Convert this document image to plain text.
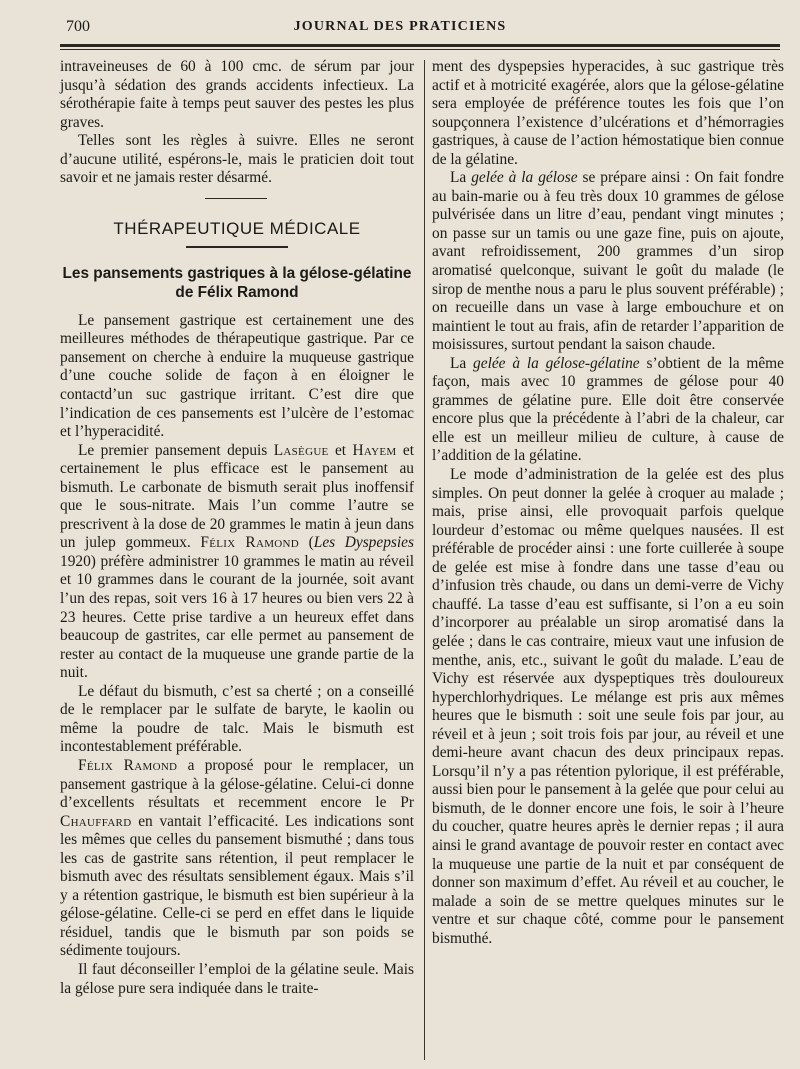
700	JOURNAL DES PRATICIENS

intraveineuses de 60 à 100 cmc. de sérum par jour jusqu’à sédation des grands accidents infectieux. La sérothérapie faite à temps peut sauver des pestes les plus graves.

Telles sont les règles à suivre. Elles ne seront d’aucune utilité, espérons-le, mais le praticien doit tout savoir et ne jamais rester désarmé.

THÉRAPEUTIQUE MÉDICALE
Les pansements gastriques à la gélose-gélatine de Félix Ramond

Le pansement gastrique est certainement une des meilleures méthodes de thérapeutique gastrique. Par ce pansement on cherche à enduire la muqueuse gastrique d’une couche solide de façon à en éloigner le contactd’un suc gastrique irritant. C’est dire que l’indication de ces pansements est l’ulcère de l’estomac et l’hyperacidité.

Le premier pansement depuis Lasègue et Hayem et certainement le plus efficace est le pansement au bismuth. Le carbonate de bismuth serait plus inoffensif que le sous-nitrate. Mais l’un comme l’autre se prescrivent à la dose de 20 grammes le matin à jeun dans un julep gommeux. Félix Ramond (Les Dyspepsies 1920) préfère administrer 10 grammes le matin au réveil et 10 grammes dans le courant de la journée, soit avant l’un des repas, soit vers 16 à 17 heures ou bien vers 22 à 23 heures. Cette prise tardive a un heureux effet dans beaucoup de gastrites, car elle permet au pansement de rester au contact de la muqueuse une grande partie de la nuit.

Le défaut du bismuth, c’est sa cherté ; on a conseillé de le remplacer par le sulfate de baryte, le kaolin ou même la poudre de talc. Mais le bismuth est incontestablement préférable.

Félix Ramond a proposé pour le remplacer, un pansement gastrique à la gélose-gélatine. Celui-ci donne d’excellents résultats et recemment encore le Pr Chauffard en vantait l’efficacité. Les indications sont les mêmes que celles du pansement bismuthé ; dans tous les cas de gastrite sans rétention, il peut remplacer le bismuth avec des résultats sensiblement égaux. Mais s’il y a rétention gastrique, le bismuth est bien supérieur à la gélose-gélatine. Celle-ci se perd en effet dans le liquide résiduel, tandis que le bismuth par son poids se sédimente toujours.

Il faut déconseiller l’emploi de la gélatine seule. Mais la gélose pure sera indiquée dans le traite-

ment des dyspepsies hyperacides, à suc gastrique très actif et à motricité exagérée, alors que la gélose-gélatine sera employée de préférence toutes les fois que l’on soupçonnera l’existence d’ulcérations et d’hémorragies gastriques, à cause de l’action hémostatique bien connue de la gélatine.

La gelée à la gélose se prépare ainsi : On fait fondre au bain-marie ou à feu très doux 10 grammes de gélose pulvérisée dans un litre d’eau, pendant vingt minutes ; on passe sur un tamis ou une gaze fine, puis on ajoute, avant refroidissement, 200 grammes d’un sirop aromatisé quelconque, suivant le goût du malade (le sirop de menthe nous a paru le plus souvent préférable) ; on recueille dans un vase à large embouchure et on maintient le tout au frais, afin de retarder l’apparition de moisissures, surtout pendant la saison chaude.

La gelée à la gélose-gélatine s’obtient de la même façon, mais avec 10 grammes de gélose pour 40 grammes de gélatine pure. Elle doit être conservée encore plus que la précédente à l’abri de la chaleur, car elle est un meilleur milieu de culture, à cause de l’addition de la gélatine.

Le mode d’administration de la gelée est des plus simples. On peut donner la gelée à croquer au malade ; mais, prise ainsi, elle provoquait parfois quelque lourdeur d’estomac ou même quelques nausées. Il est préférable de procéder ainsi : une forte cuillerée à soupe de gelée est mise à fondre dans une tasse d’eau ou d’infusion très chaude, ou dans un demi-verre de Vichy chauffé. La tasse d’eau est suffisante, si l’on a eu soin d’incorporer au préalable un sirop aromatisé dans la gelée ; dans le cas contraire, mieux vaut une infusion de menthe, anis, etc., suivant le goût du malade. L’eau de Vichy est réservée aux dyspeptiques très douloureux hyperchlorhydriques. Le mélange est pris aux mêmes heures que le bismuth : soit une seule fois par jour, au réveil et à jeun ; soit trois fois par jour, au réveil et une demi-heure avant chacun des deux principaux repas. Lorsqu’il n’y a pas rétention pylorique, il est préférable, aussi bien pour le pansement à la gelée que pour celui au bismuth, de le donner encore une fois, le soir à l’heure du coucher, quatre heures après le dernier repas ; il aura ainsi le grand avantage de pouvoir rester en contact avec la muqueuse une partie de la nuit et par conséquent de donner son maximum d’effet. Au réveil et au coucher, le malade a soin de se mettre quelques minutes sur le ventre et sur chaque côté, comme pour le pansement bismuthé.
